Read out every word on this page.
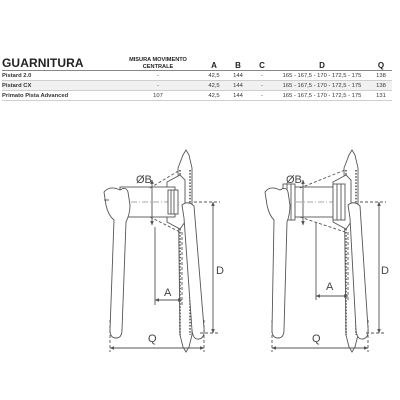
GUARNITURA	MISURA MOVIMENTO CENTRALE	A	B	C	D	Q
Pistard 2.0	-	42,5	144	-	165 - 167,5 - 170 - 172,5 - 175	138
Pistard CX	-	42,5	144	-	165 - 167,5 - 170 - 172,5 - 175	138
Primato Pista Advanced	107	42,5	144	-	165 - 167,5 - 170 - 172,5 - 175	131
ØB
A
D
Q
ØB
A
D
Q
